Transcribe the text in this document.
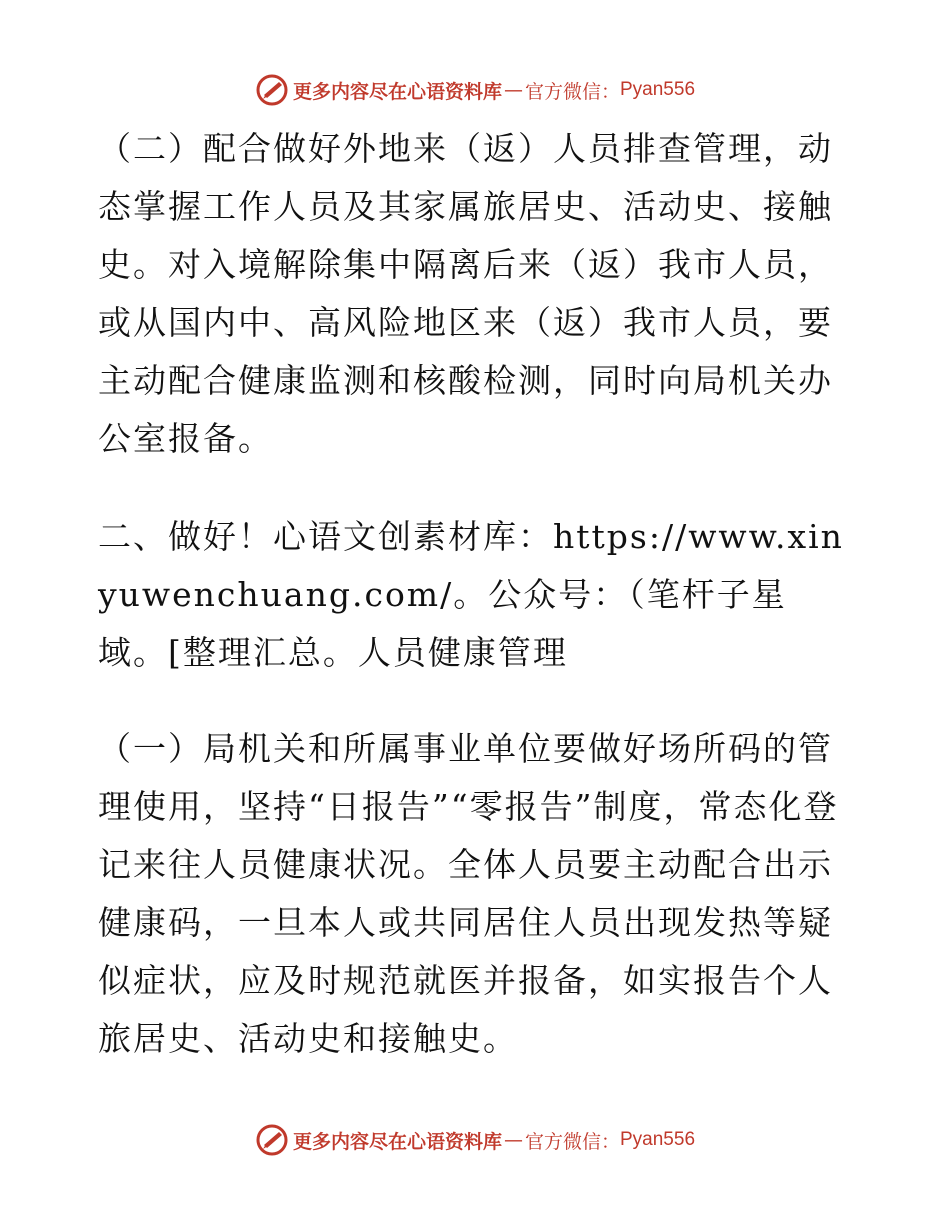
更多内容尽在心语资料库 — 官方微信： Pyan556

（二）配合做好外地来（返）人员排查管理，动态掌握工作人员及其家属旅居史、活动史、接触史。对入境解除集中隔离后来（返）我市人员，或从国内中、高风险地区来（返）我市人员，要主动配合健康监测和核酸检测，同时向局机关办公室报备。

二、做好！心语文创素材库：https://www.xinyuwenchuang.com/。公众号：（笔杆子星域。[整理汇总。人员健康管理

（一）局机关和所属事业单位要做好场所码的管理使用，坚持“日报告”“零报告”制度，常态化登记来往人员健康状况。全体人员要主动配合出示健康码，一旦本人或共同居住人员出现发热等疑似症状，应及时规范就医并报备，如实报告个人旅居史、活动史和接触史。

更多内容尽在心语资料库 — 官方微信： Pyan556
